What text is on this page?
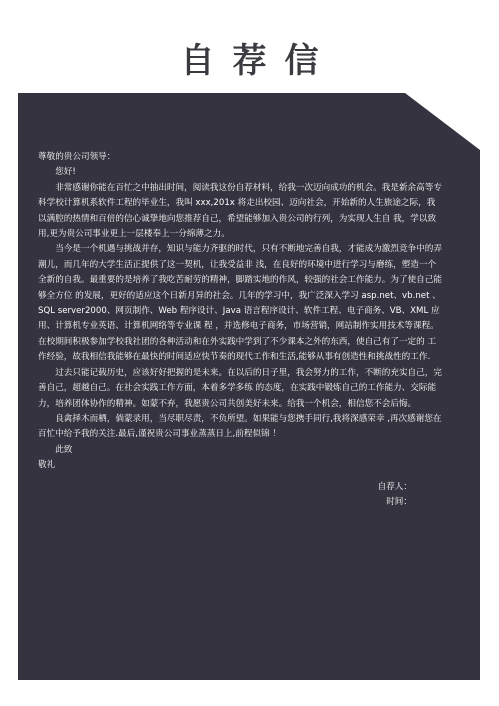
自荐信

尊敬的贵公司领导：

您好!

非常感谢你能在百忙之中抽出时间，阅读我这份自荐材料，给我一次迈向成功的机会。我是新余高等专科学校计算机系软件工程的毕业生，我叫 xxx,201x 将走出校园、迈向社会，开始新的人生旅途之际，我以满腔的热情和百倍的信心诚挚地向您推荐自己，希望能够加入贵公司的行列，为实现人生自 我，学以致用,更为贵公司事业更上一层楼奉上一分绵薄之力。

当今是一个机遇与挑战并存，知识与能力齐驱的时代，只有不断地完善自我，才能成为激烈竞争中的弄潮儿，而几年的大学生活正提供了这一契机，让我受益非 浅，在良好的环境中进行学习与磨练，塑造一个全新的自我。最重要的是培养了我吃苦耐劳的精神，脚踏实地的作风，较强的社会工作能力。为了使自己能够全方位 的发展，更好的适应这个日新月异的社会。几年的学习中，我广泛深入学习 asp.net、vb.net 、SQL server2000、网页制作、Web 程序设计、Java 语言程序设计、软件工程、电子商务、VB、XML 应用、计算机专业英语、计算机网络等专业课 程 ，并选修电子商务，市场营销，网站制作实用技术等课程。在校期间积极参加学校我社团的各种活动和在外实践中学到了不少课本之外的东西，使自己有了一定的 工作经验，故我相信我能够在最快的时间适应快节奏的现代工作和生活,能够从事有创造性和挑战性的工作.

过去只能记载历史，应该好好把握的是未来。在以后的日子里，我会努力的工作，不断的充实自己，完善自己，超越自己。在社会实践工作方面，本着多学多练 的态度，在实践中锻炼自己的工作能力、交际能力，培养团体协作的精神。如蒙不弃，我愿贵公司共创美好未来。给我一个机会，相信您不会后悔。

良禽择木而栖，倘蒙录用，当尽职尽责，不负所望。如果能与您携手同行,我将深感荣幸 ,再次感谢您在百忙中给予我的关注.最后,谨祝贵公司事业蒸蒸日上,前程似锦 ！

此致

敬礼

自荐人：

时间：
